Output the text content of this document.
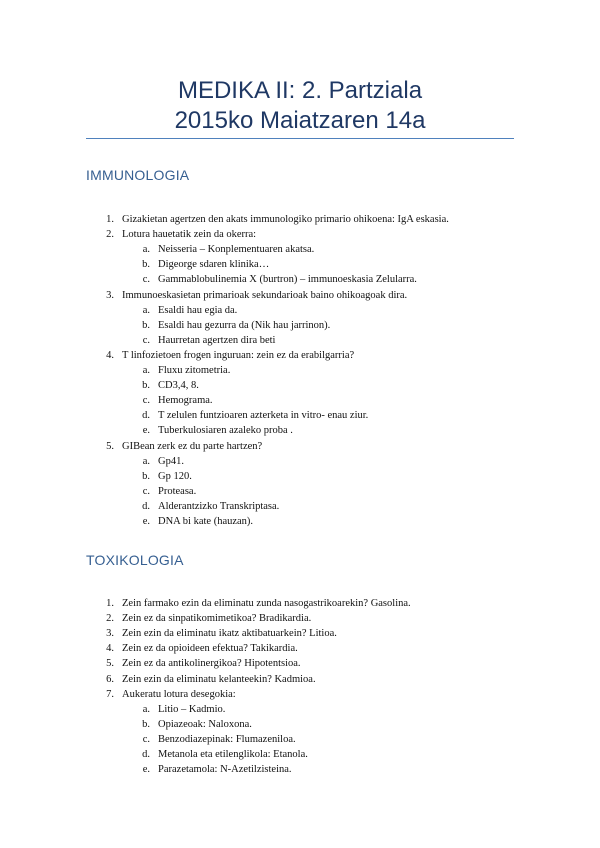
MEDIKA II: 2. Partziala
2015ko Maiatzaren 14a
IMMUNOLOGIA
1. Gizakietan agertzen den akats immunologiko primario ohikoena: IgA eskasia.
2. Lotura hauetatik zein da okerra:
a. Neisseria – Konplementuaren akatsa.
b. Digeorge sdaren klinika…
c. Gammablobulinemia X (burtron) – immunoeskasia Zelularra.
3. Immunoeskasietan primarioak sekundarioak baino ohikoagoak dira.
a. Esaldi hau egia da.
b. Esaldi hau gezurra da (Nik hau jarrinon).
c. Haurretan agertzen dira beti
4. T linfozietoen frogen inguruan: zein ez da erabilgarria?
a. Fluxu zitometria.
b. CD3,4, 8.
c. Hemograma.
d. T zelulen funtzioaren azterketa in vitro- enau ziur.
e. Tuberkulosiaren azaleko proba .
5. GIBean zerk ez du parte hartzen?
a. Gp41.
b. Gp 120.
c. Proteasa.
d. Alderantzizko Transkriptasa.
e. DNA bi kate (hauzan).
TOXIKOLOGIA
1. Zein farmako ezin da eliminatu zunda nasogastrikoarekin? Gasolina.
2. Zein ez da sinpatikomimetikoa? Bradikardia.
3. Zein ezin da eliminatu ikatz aktibatuarkein? Litioa.
4. Zein ez da opioideen efektua? Takikardia.
5. Zein ez da antikolinergikoa? Hipotentsioa.
6. Zein ezin da eliminatu kelanteekin? Kadmioa.
7. Aukeratu lotura desegokia:
a. Litio – Kadmio.
b. Opiazeoak: Naloxona.
c. Benzodiazepinak: Flumazeniloa.
d. Metanola eta etilenglikola: Etanola.
e. Parazetamola: N-Azetilzisteina.
